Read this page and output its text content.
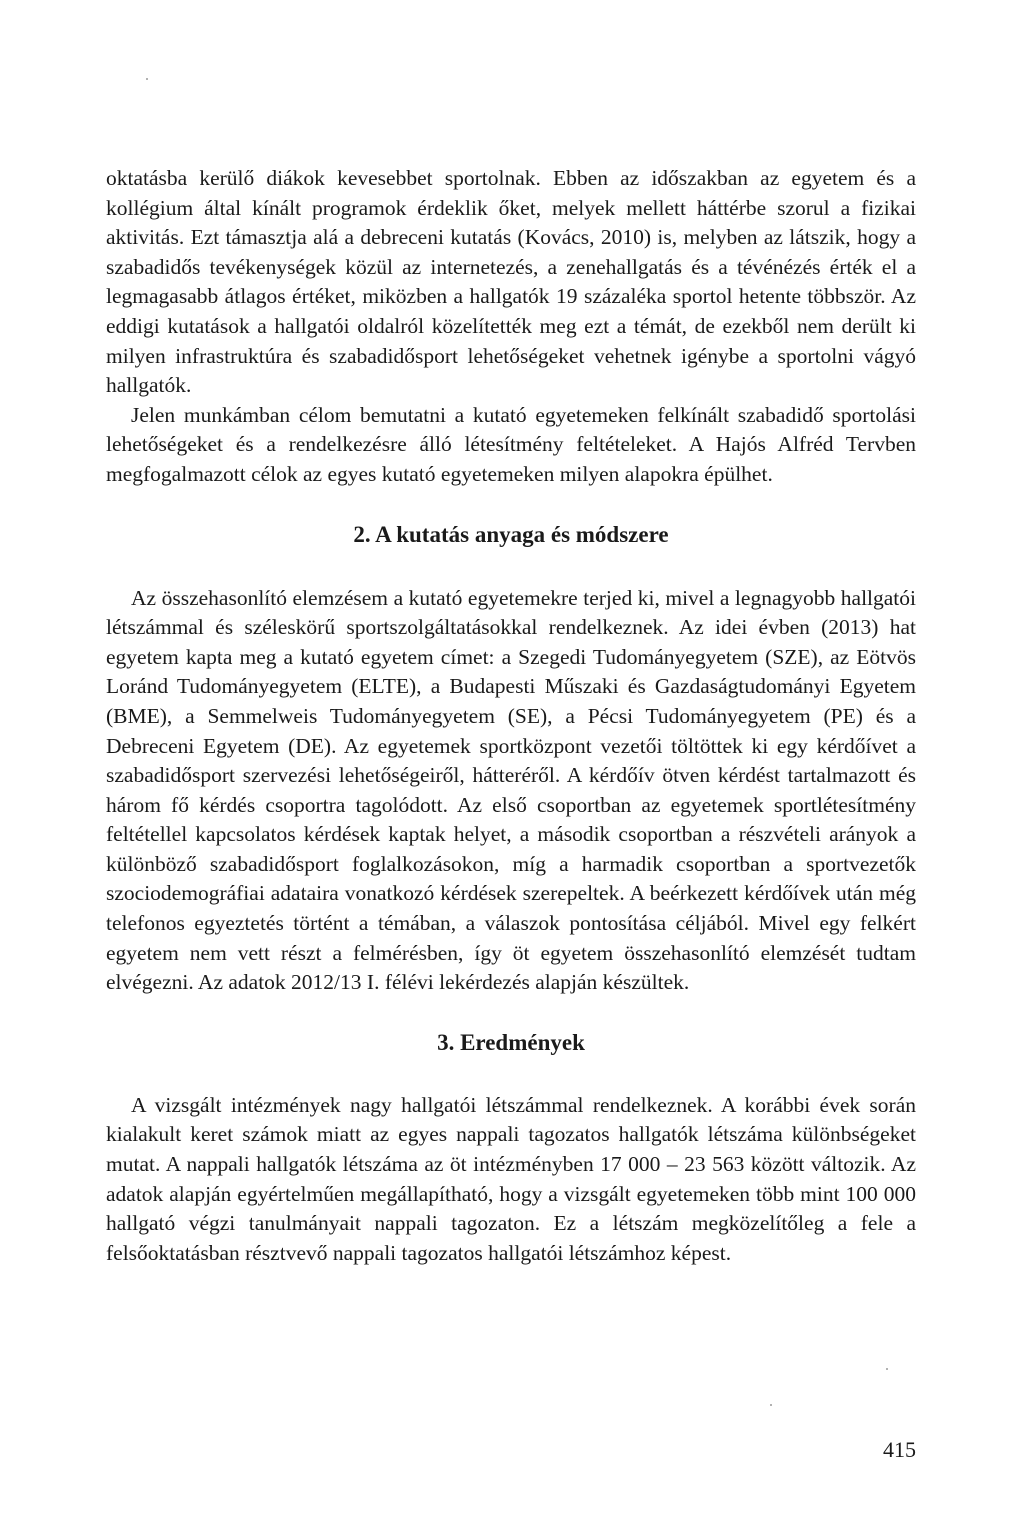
oktatásba kerülő diákok kevesebbet sportolnak. Ebben az időszakban az egyetem és a kollégium által kínált programok érdeklik őket, melyek mellett háttérbe szorul a fizikai aktivitás. Ezt támasztja alá a debreceni kutatás (Kovács, 2010) is, melyben az látszik, hogy a szabadidős tevékenységek közül az internetezés, a zenehallgatás és a tévénézés érték el a legmagasabb átlagos értéket, miközben a hallgatók 19 százaléka sportol hetente többször. Az eddigi kutatások a hallgatói oldalról közelítették meg ezt a témát, de ezekből nem derült ki milyen infrastruktúra és szabadidősport lehetőségeket vehetnek igénybe a sportolni vágyó hallgatók.

Jelen munkámban célom bemutatni a kutató egyetemeken felkínált szabadidő sportolási lehetőségeket és a rendelkezésre álló létesítmény feltételeket. A Hajós Alfréd Tervben megfogalmazott célok az egyes kutató egyetemeken milyen alapokra épülhet.

2. A kutatás anyaga és módszere

Az összehasonlító elemzésem a kutató egyetemekre terjed ki, mivel a legnagyobb hallgatói létszámmal és széleskörű sportszolgáltatásokkal rendelkeznek. Az idei évben (2013) hat egyetem kapta meg a kutató egyetem címet: a Szegedi Tudományegyetem (SZE), az Eötvös Loránd Tudományegyetem (ELTE), a Budapesti Műszaki és Gazdaságtudományi Egyetem (BME), a Semmelweis Tudományegyetem (SE), a Pécsi Tudományegyetem (PE) és a Debreceni Egyetem (DE). Az egyetemek sportközpont vezetői töltöttek ki egy kérdőívet a szabadidősport szervezési lehetőségeiről, hátteréről. A kérdőív ötven kérdést tartalmazott és három fő kérdés csoportra tagolódott. Az első csoportban az egyetemek sportlétesítmény feltétellel kapcsolatos kérdések kaptak helyet, a második csoportban a részvételi arányok a különböző szabadidősport foglalkozásokon, míg a harmadik csoportban a sportvezetők szociodemográfiai adataira vonatkozó kérdések szerepeltek. A beérkezett kérdőívek után még telefonos egyeztetés történt a témában, a válaszok pontosítása céljából. Mivel egy felkért egyetem nem vett részt a felmérésben, így öt egyetem összehasonlító elemzését tudtam elvégezni. Az adatok 2012/13 I. félévi lekérdezés alapján készültek.

3. Eredmények

A vizsgált intézmények nagy hallgatói létszámmal rendelkeznek. A korábbi évek során kialakult keret számok miatt az egyes nappali tagozatos hallgatók létszáma különbségeket mutat. A nappali hallgatók létszáma az öt intézményben 17 000 – 23 563 között változik. Az adatok alapján egyértelműen megállapítható, hogy a vizsgált egyetemeken több mint 100 000 hallgató végzi tanulmányait nappali tagozaton. Ez a létszám megközelítőleg a fele a felsőoktatásban résztvevő nappali tagozatos hallgatói létszámhoz képest.

415
